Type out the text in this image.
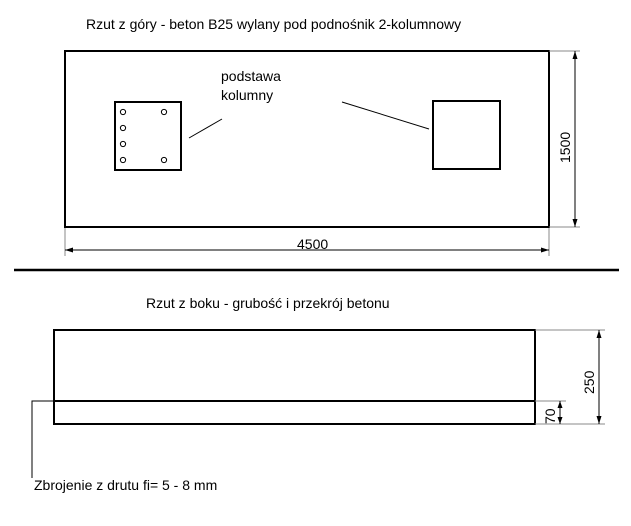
Rzut z góry - beton B25 wylany pod podnośnik 2-kolumnowy
podstawa
kolumny
4500
1500
Rzut z boku - grubość i przekrój betonu
250
70
Zbrojenie z drutu fi= 5 - 8 mm
